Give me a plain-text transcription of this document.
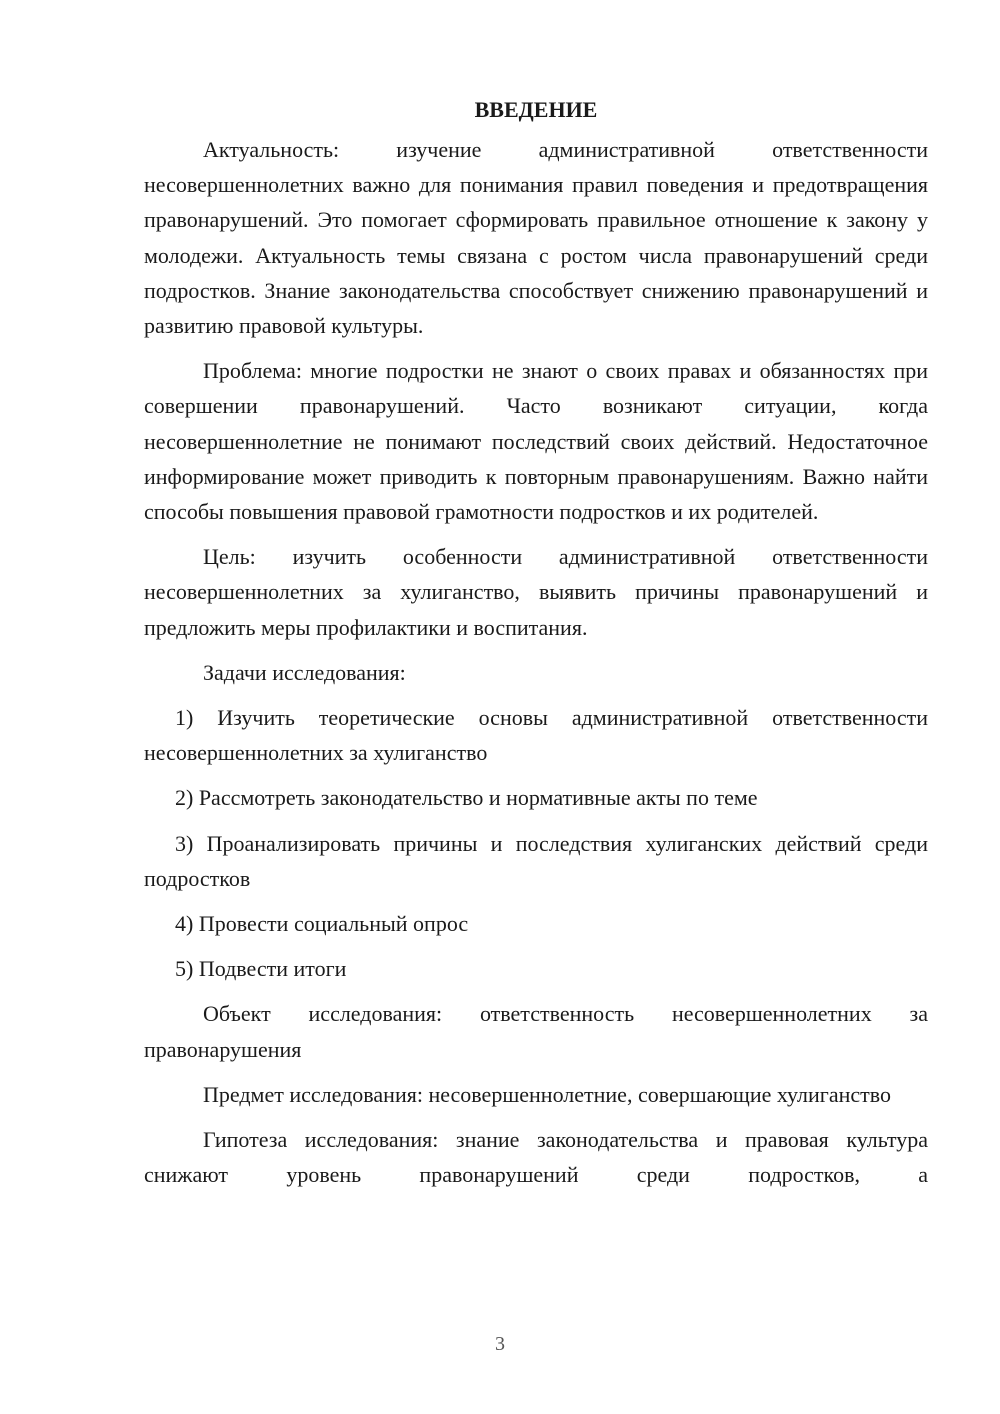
ВВЕДЕНИЕ

Актуальность: изучение административной ответственности несовершеннолетних важно для понимания правил поведения и предотвращения правонарушений. Это помогает сформировать правильное отношение к закону у молодежи. Актуальность темы связана с ростом числа правонарушений среди подростков. Знание законодательства способствует снижению правонарушений и развитию правовой культуры.

Проблема: многие подростки не знают о своих правах и обязанностях при совершении правонарушений. Часто возникают ситуации, когда несовершеннолетние не понимают последствий своих действий. Недостаточное информирование может приводить к повторным правонарушениям. Важно найти способы повышения правовой грамотности подростков и их родителей.

Цель: изучить особенности административной ответственности несовершеннолетних за хулиганство, выявить причины правонарушений и предложить меры профилактики и воспитания.

Задачи исследования:

1) Изучить теоретические основы административной ответственности несовершеннолетних за хулиганство

2) Рассмотреть законодательство и нормативные акты по теме

3) Проанализировать причины и последствия хулиганских действий среди подростков

4) Провести социальный опрос

5) Подвести итоги

Объект исследования: ответственность несовершеннолетних за правонарушения

Предмет исследования: несовершеннолетние, совершающие хулиганство

Гипотеза исследования: знание законодательства и правовая культура снижают уровень правонарушений среди подростков, а

3
